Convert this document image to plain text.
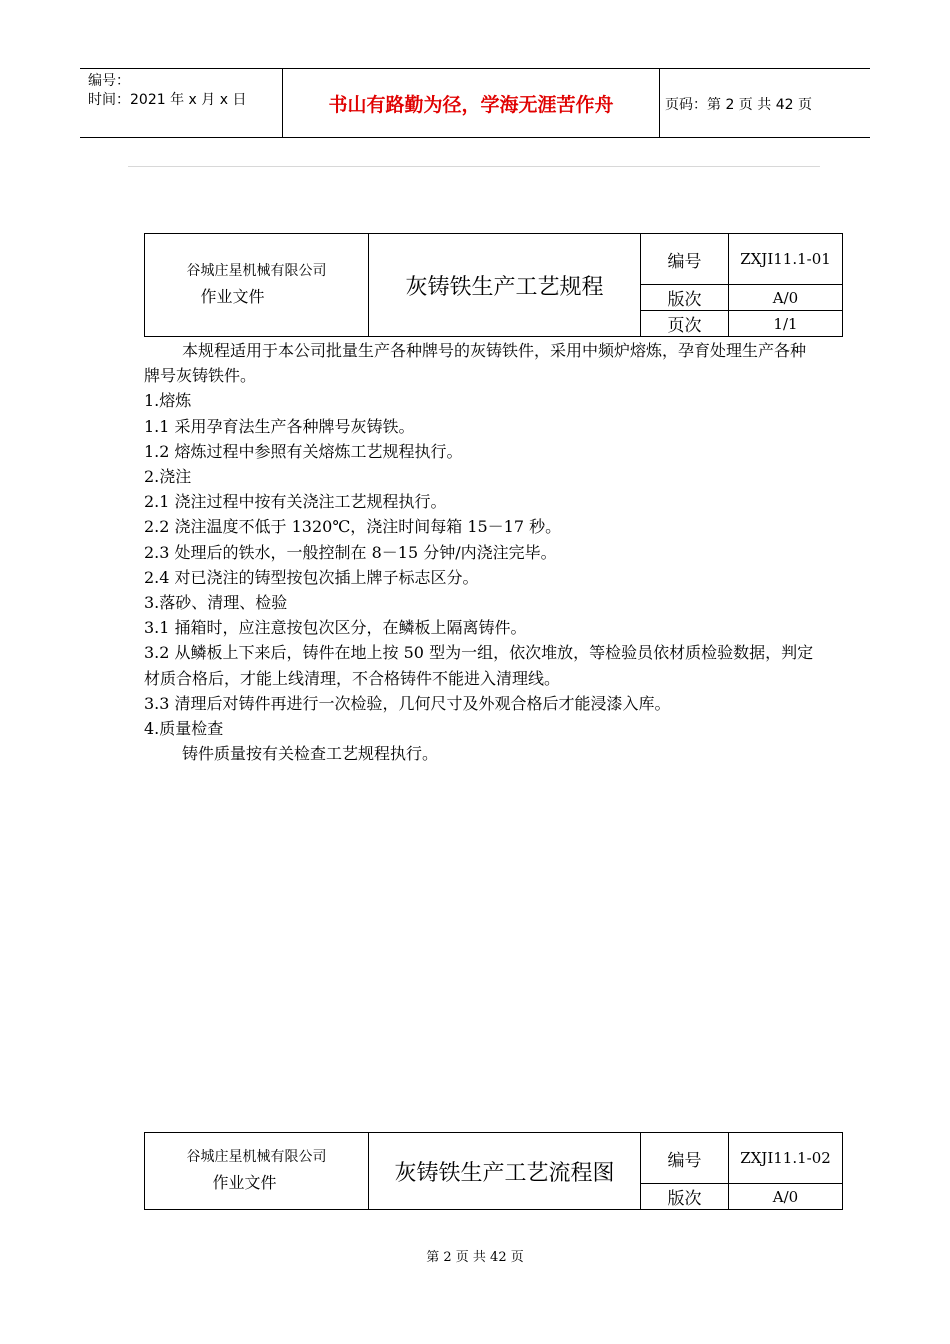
编号：
时间：2021 年 x 月 x 日	书山有路勤为径，学海无涯苦作舟	页码：第 2 页 共 42 页
谷城庄星机械有限公司
作业文件	灰铸铁生产工艺规程	编号	ZXJI11.1-01
		版次	A/0
		页次	1/1

本规程适用于本公司批量生产各种牌号的灰铸铁件，采用中频炉熔炼，孕育处理生产各种牌号灰铸铁件。

1.熔炼

1.1 采用孕育法生产各种牌号灰铸铁。

1.2 熔炼过程中参照有关熔炼工艺规程执行。

2.浇注

2.1 浇注过程中按有关浇注工艺规程执行。

2.2 浇注温度不低于 1320℃，浇注时间每箱 15－17 秒。

2.3 处理后的铁水，一般控制在 8－15 分钟/内浇注完毕。

2.4 对已浇注的铸型按包次插上牌子标志区分。

3.落砂、清理、检验

3.1 捅箱时，应注意按包次区分，在鳞板上隔离铸件。

3.2 从鳞板上下来后，铸件在地上按 50 型为一组，依次堆放，等检验员依材质检验数据，判定材质合格后，才能上线清理，不合格铸件不能进入清理线。

3.3 清理后对铸件再进行一次检验，几何尺寸及外观合格后才能浸漆入库。

4.质量检查

铸件质量按有关检查工艺规程执行。

谷城庄星机械有限公司
作业文件	灰铸铁生产工艺流程图	编号	ZXJI11.1-02
		版次	A/0
第 2 页 共 42 页
